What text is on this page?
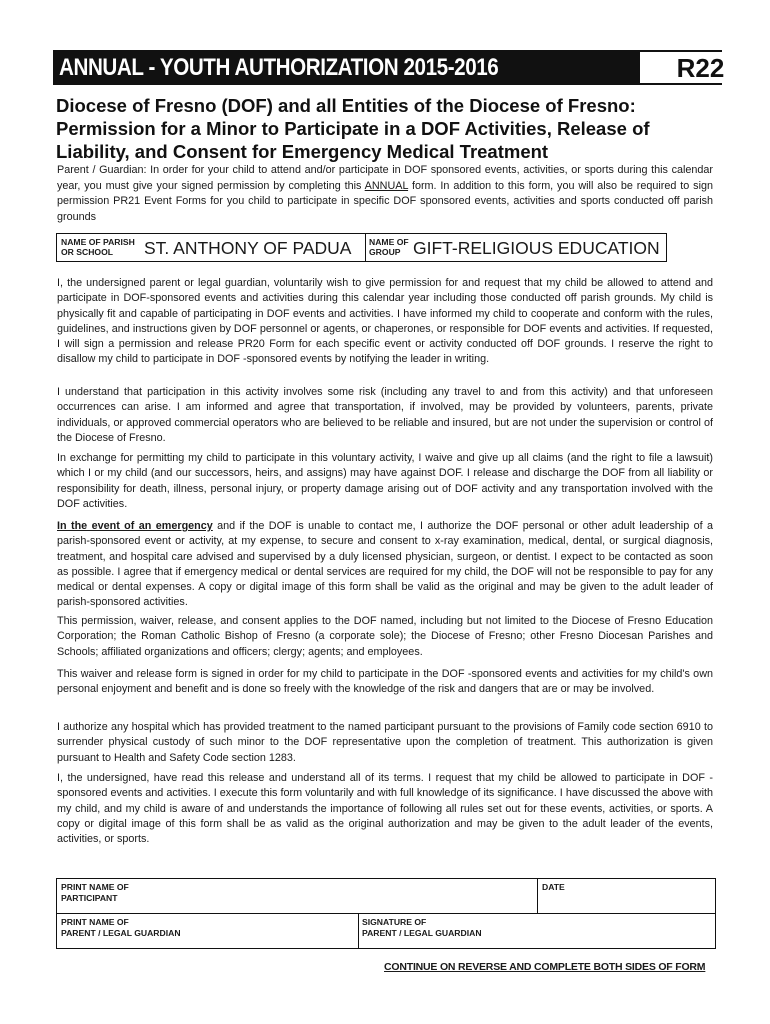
ANNUAL - YOUTH AUTHORIZATION 2015-2016	R22
Diocese of Fresno (DOF) and all Entities of the Diocese of Fresno:
Permission for a Minor to Participate in a DOF Activities, Release of
Liability, and Consent for Emergency Medical Treatment
Parent / Guardian: In order for your child to attend and/or participate in DOF sponsored events, activities, or sports during this calendar year, you must give your signed permission by completing this ANNUAL form. In addition to this form, you will also be required to sign permission PR21 Event Forms for you child to participate in specific DOF sponsored events, activities and sports conducted off parish grounds
NAME OF PARISH
OR SCHOOL	ST. ANTHONY OF PADUA NAME OF
GROUP GIFT-RELIGIOUS EDUCATION
I, the undersigned parent or legal guardian, voluntarily wish to give permission for and request that my child be allowed to attend and participate in DOF-sponsored events and activities during this calendar year including those conducted off parish grounds. My child is physically fit and capable of participating in DOF events and activities. I have informed my child to cooperate and conform with the rules, guidelines, and instructions given by DOF personnel or agents, or chaperones, or responsible for DOF events and activities. If requested, I will sign a permission and release PR20 Form for each specific event or activity conducted off DOF grounds. I reserve the right to disallow my child to participate in DOF -sponsored events by notifying the leader in writing.
I understand that participation in this activity involves some risk (including any travel to and from this activity) and that unforeseen occurrences can arise. I am informed and agree that transportation, if involved, may be provided by volunteers, parents, private individuals, or approved commercial operators who are believed to be reliable and insured, but are not under the supervision or control of the Diocese of Fresno.
In exchange for permitting my child to participate in this voluntary activity, I waive and give up all claims (and the right to file a lawsuit) which I or my child (and our successors, heirs, and assigns) may have against DOF. I release and discharge the DOF from all liability or responsibility for death, illness, personal injury, or property damage arising out of DOF activity and any transportation involved with the DOF activities.
In the event of an emergency and if the DOF is unable to contact me, I authorize the DOF personal or other adult leadership of a parish-sponsored event or activity, at my expense, to secure and consent to x-ray examination, medical, dental, or surgical diagnosis, treatment, and hospital care advised and supervised by a duly licensed physician, surgeon, or dentist. I expect to be contacted as soon as possible. I agree that if emergency medical or dental services are required for my child, the DOF will not be responsible to pay for any medical or dental expenses. A copy or digital image of this form shall be valid as the original and may be given to the adult leader of parish-sponsored activities.
This permission, waiver, release, and consent applies to the DOF named, including but not limited to the Diocese of Fresno Education Corporation; the Roman Catholic Bishop of Fresno (a corporate sole); the Diocese of Fresno; other Fresno Diocesan Parishes and Schools; affiliated organizations and officers; clergy; agents; and employees.
This waiver and release form is signed in order for my child to participate in the DOF -sponsored events and activities for my child's own personal enjoyment and benefit and is done so freely with the knowledge of the risk and dangers that are or may be involved.
I authorize any hospital which has provided treatment to the named participant pursuant to the provisions of Family code section 6910 to surrender physical custody of such minor to the DOF representative upon the completion of treatment. This authorization is given pursuant to Health and Safety Code section 1283.
I, the undersigned, have read this release and understand all of its terms. I request that my child be allowed to participate in DOF -sponsored events and activities. I execute this form voluntarily and with full knowledge of its significance. I have discussed the above with my child, and my child is aware of and understands the importance of following all rules set out for these events, activities, or sports. A copy or digital image of this form shall be as valid as the original authorization and may be given to the adult leader of the events, activities, or sports.
PRINT NAME OF
PARTICIPANT
DATE
PRINT NAME OF
PARENT / LEGAL GUARDIAN
SIGNATURE OF
PARENT / LEGAL GUARDIAN
CONTINUE ON REVERSE AND COMPLETE BOTH SIDES OF FORM
